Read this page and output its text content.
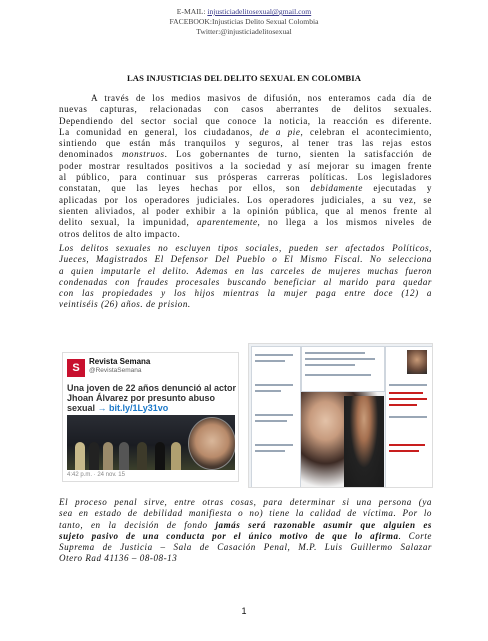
E-MAIL: injusticiadelitosexual@gmail.com
FACEBOOK:Injusticias Delito Sexual Colombia
Twitter:@injusticiadelitosexual
LAS INJUSTICIAS DEL DELITO SEXUAL EN COLOMBIA

A través de los medios masivos de difusión, nos enteramos cada día de
nuevas capturas, relacionadas con casos aberrantes de delitos sexuales.
Dependiendo del sector social que conoce la noticia, la reacción es diferente.
La comunidad en general, los ciudadanos, de a pie, celebran el acontecimiento,
sintiendo que están más tranquilos y seguros, al tener tras las rejas estos
denominados monstruos. Los gobernantes de turno, sienten la satisfacción de
poder mostrar resultados positivos a la sociedad y así mejorar su imagen frente
al público, para continuar sus prósperas carreras políticas. Los legisladores
constatan, que las leyes hechas por ellos, son debidamente ejecutadas y
aplicadas por los operadores judiciales. Los operadores judiciales, a su vez, se
sienten aliviados, al poder exhibir a la opinión pública, que al menos frente al
delito sexual, la impunidad, aparentemente, no llega a los mismos niveles de
otros delitos de alto impacto.

Los delitos sexuales no escluyen tipos sociales, pueden ser afectados Políticos,
Jueces, Magistrados El Defensor Del Pueblo o El Mismo Fiscal. No selecciona
a quien imputarle el delito. Ademas en las carceles de mujeres muchas fueron
condenadas con fraudes procesales buscando beneficiar al marido para quedar
con las propiedades y los hijos mientras la mujer paga entre doce (12) a
veintiséis (26) años. de prision.

S
Revista Semana
@RevistaSemana
Una joven de 22 años denunció al actor Jhoan Álvarez por presunto abuso sexual → bit.ly/1Ly31vo
4:42 p.m. · 24 nov. 15

El proceso penal sirve, entre otras cosas, para determinar si una persona (ya
sea en estado de debilidad manifiesta o no) tiene la calidad de víctima. Por lo
tanto, en la decisión de fondo jamás será razonable asumir que alguien es
sujeto pasivo de una conducta por el único motivo de que lo afirma. Corte
Suprema de Justicia – Sala de Casación Penal, M.P. Luis Guillermo Salazar
Otero Rad 41136 – 08-08-13

1
